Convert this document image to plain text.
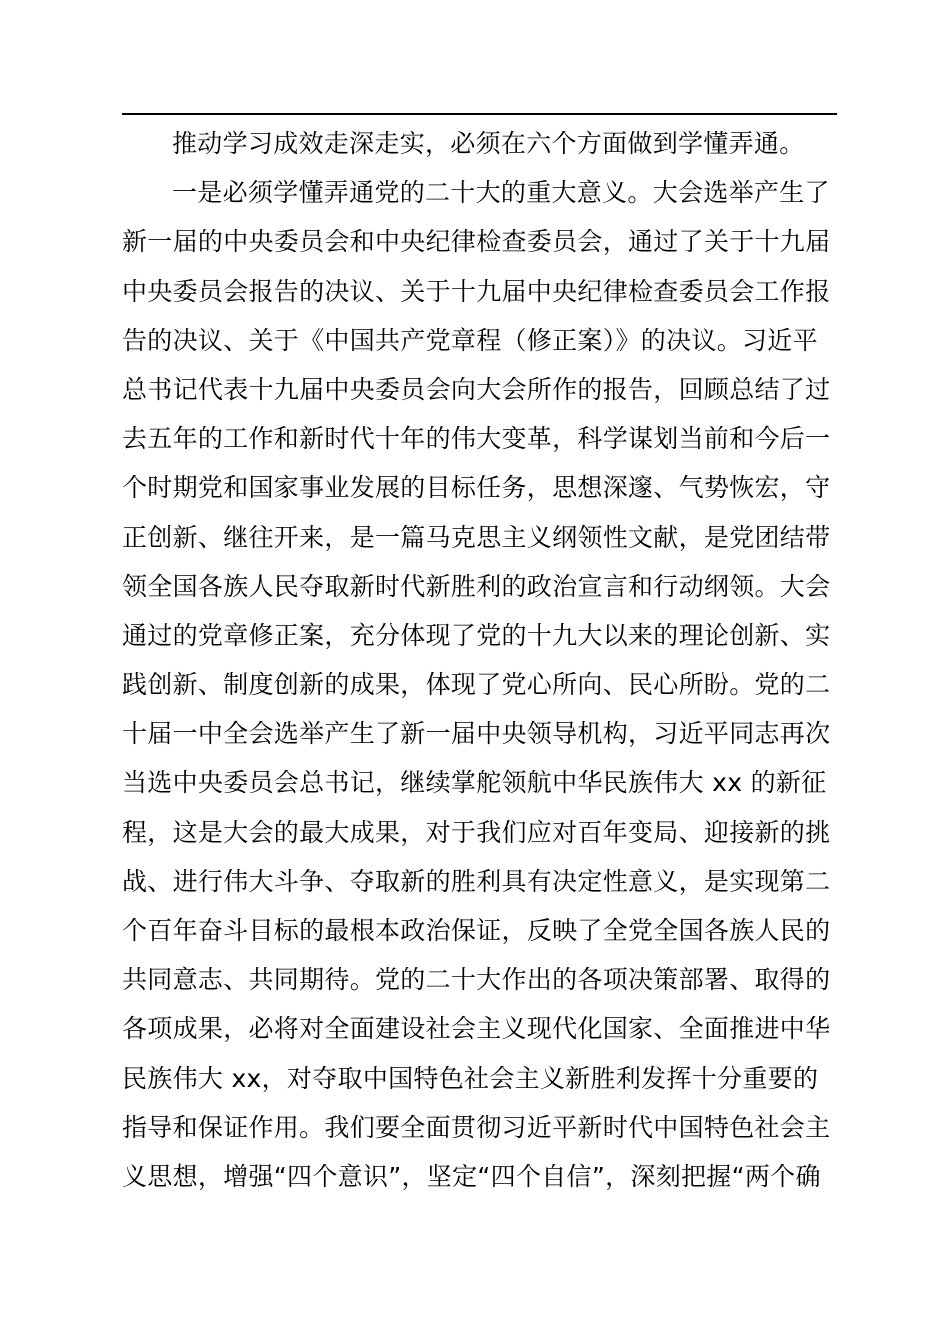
推动学习成效走深走实，必须在六个方面做到学懂弄通。

一是必须学懂弄通党的二十大的重大意义。大会选举产生了
新一届的中央委员会和中央纪律检查委员会，通过了关于十九届
中央委员会报告的决议、关于十九届中央纪律检查委员会工作报
告的决议、关于《中国共产党章程（修正案）》的决议。习近平
总书记代表十九届中央委员会向大会所作的报告，回顾总结了过
去五年的工作和新时代十年的伟大变革，科学谋划当前和今后一
个时期党和国家事业发展的目标任务，思想深邃、气势恢宏，守
正创新、继往开来，是一篇马克思主义纲领性文献，是党团结带
领全国各族人民夺取新时代新胜利的政治宣言和行动纲领。大会
通过的党章修正案，充分体现了党的十九大以来的理论创新、实
践创新、制度创新的成果，体现了党心所向、民心所盼。党的二
十届一中全会选举产生了新一届中央领导机构，习近平同志再次
当选中央委员会总书记，继续掌舵领航中华民族伟大 xx 的新征
程，这是大会的最大成果，对于我们应对百年变局、迎接新的挑
战、进行伟大斗争、夺取新的胜利具有决定性意义，是实现第二
个百年奋斗目标的最根本政治保证，反映了全党全国各族人民的
共同意志、共同期待。党的二十大作出的各项决策部署、取得的
各项成果，必将对全面建设社会主义现代化国家、全面推进中华
民族伟大 xx，对夺取中国特色社会主义新胜利发挥十分重要的
指导和保证作用。我们要全面贯彻习近平新时代中国特色社会主
义思想，增强“四个意识”，坚定“四个自信”，深刻把握“两个确
